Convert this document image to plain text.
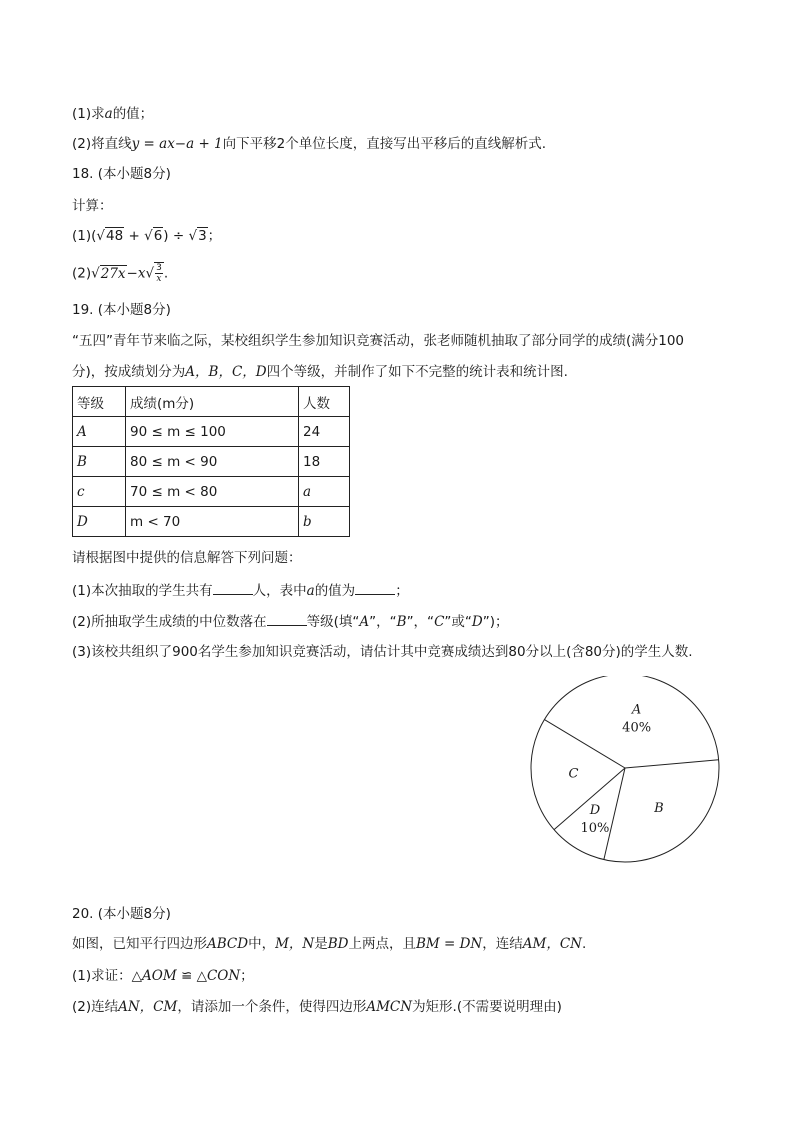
(1)求a的值；
(2)将直线y = ax−a + 1向下平移2个单位长度，直接写出平移后的直线解析式.
18. (本小题8分)
计算：
(1)(√48 + √6) ÷ √3；
$(2)√27x-x√ \frac{3}{x}$ .
19. (本小题8分)
“五四”青年节来临之际，某校组织学生参加知识竞赛活动，张老师随机抽取了部分同学的成绩(满分100
分)，按成绩划分为A，B，C，D四个等级，并制作了如下不完整的统计表和统计图.
等级	成绩(m分)	人数
A	90 ≤ m ≤ 100	24
B	80 ≤ m < 90	18
c	70 ≤ m < 80	a
D	m < 70	b
请根据图中提供的信息解答下列问题：
(1)本次抽取的学生共有	人，表中a的值为	；
(2)所抽取学生成绩的中位数落在	等级(填“A”，“B”，“C”或“D”)；
(3)该校共组织了900名学生参加知识竞赛活动，请估计其中竞赛成绩达到80分以上(含80分)的学生人数.
B
D
10%
C
A
40%
20. (本小题8分)
如图，已知平行四边形ABCD中，M，N是BD上两点，且BM = DN，连结AM，CN.
(1)求证：△AOM ≌ △CON；
(2)连结AN，CM，请添加一个条件，使得四边形AMCN为矩形.(不需要说明理由)
